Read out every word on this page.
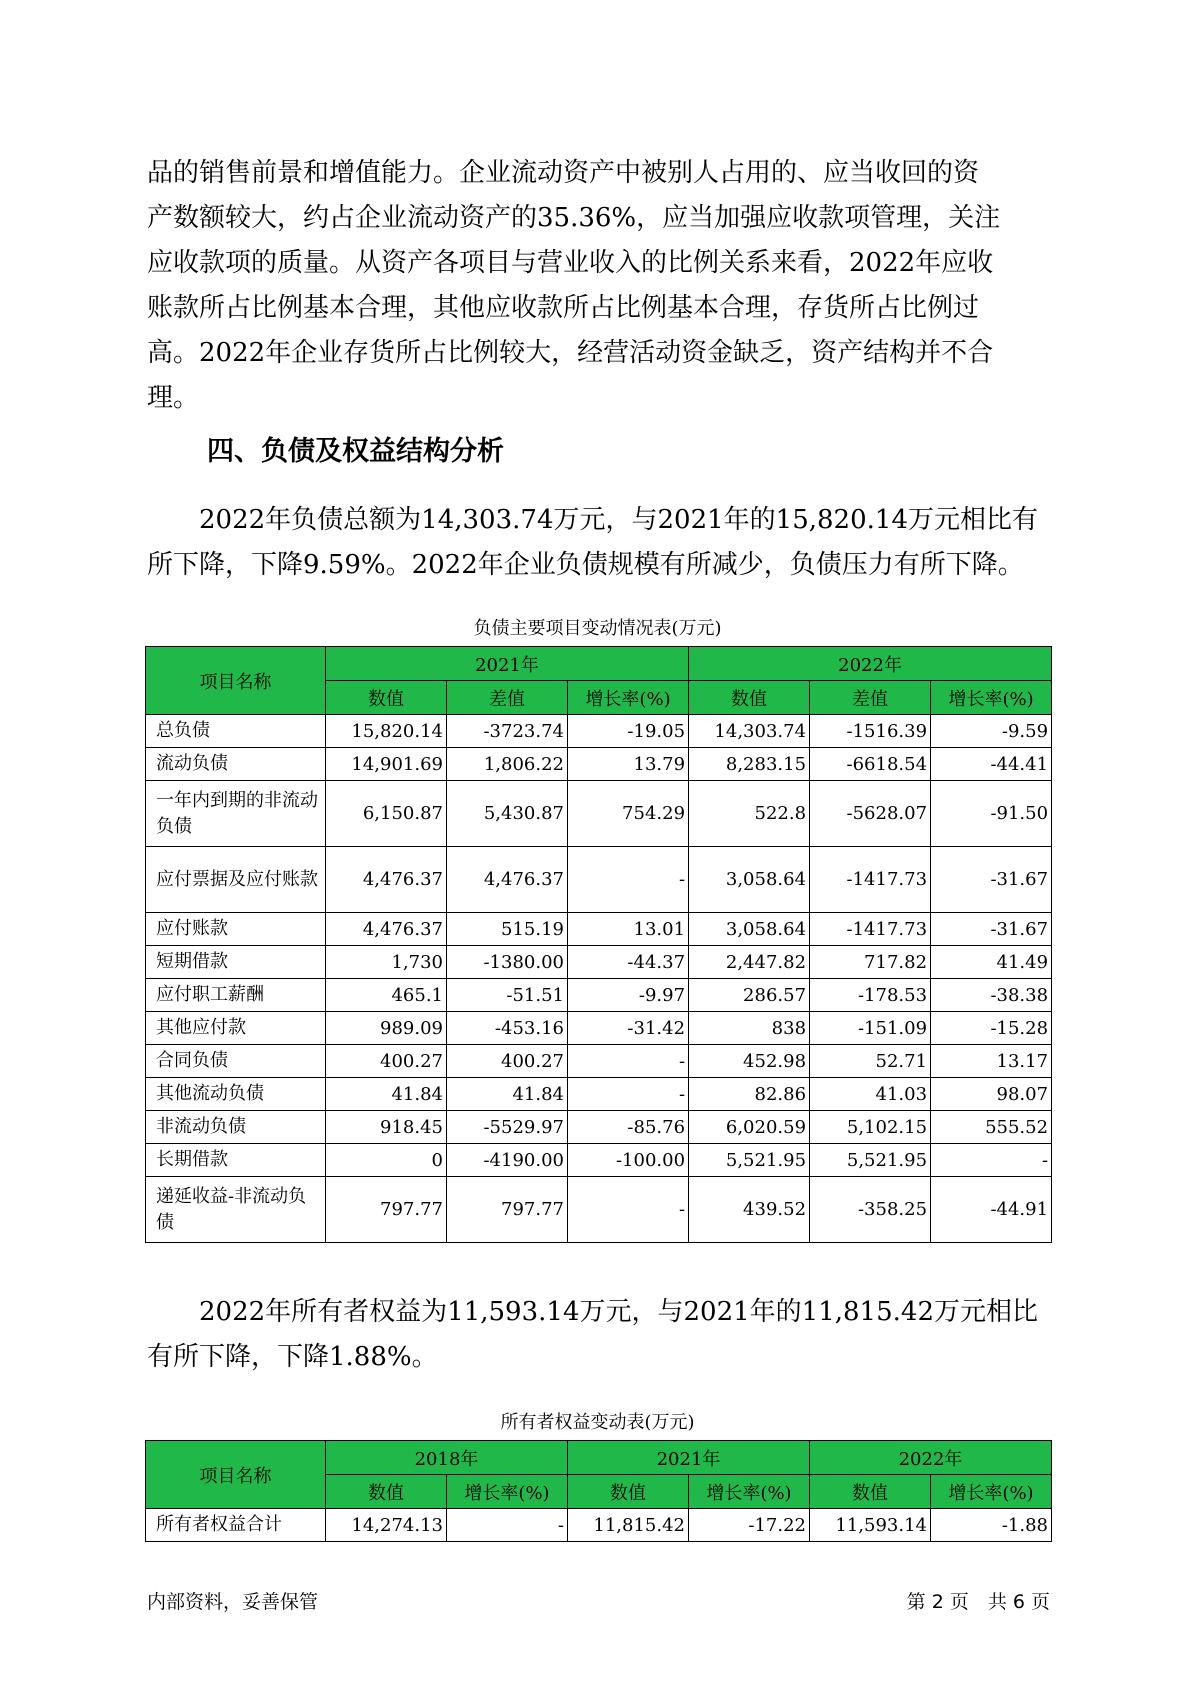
品的销售前景和增值能力。企业流动资产中被别人占用的、应当收回的资
产数额较大，约占企业流动资产的35.36%，应当加强应收款项管理，关注
应收款项的质量。从资产各项目与营业收入的比例关系来看，2022年应收
账款所占比例基本合理，其他应收款所占比例基本合理，存货所占比例过
高。2022年企业存货所占比例较大，经营活动资金缺乏，资产结构并不合
理。

四、负债及权益结构分析

　　2022年负债总额为14,303.74万元，与2021年的15,820.14万元相比有
所下降，下降9.59%。2022年企业负债规模有所减少，负债压力有所下降。

负债主要项目变动情况表(万元)
项目名称	2021年			2022年		
	数值	差值	增长率(%)	数值	差值	增长率(%)
总负债	15,820.14	-3723.74	-19.05	14,303.74	-1516.39	-9.59
流动负债	14,901.69	1,806.22	13.79	8,283.15	-6618.54	-44.41
一年内到期的非流动负债	6,150.87	5,430.87	754.29	522.8	-5628.07	-91.50
应付票据及应付账款	4,476.37	4,476.37	-	3,058.64	-1417.73	-31.67
应付账款	4,476.37	515.19	13.01	3,058.64	-1417.73	-31.67
短期借款	1,730	-1380.00	-44.37	2,447.82	717.82	41.49
应付职工薪酬	465.1	-51.51	-9.97	286.57	-178.53	-38.38
其他应付款	989.09	-453.16	-31.42	838	-151.09	-15.28
合同负债	400.27	400.27	-	452.98	52.71	13.17
其他流动负债	41.84	41.84	-	82.86	41.03	98.07
非流动负债	918.45	-5529.97	-85.76	6,020.59	5,102.15	555.52
长期借款	0	-4190.00	-100.00	5,521.95	5,521.95	-
递延收益-非流动负债	797.77	797.77	-	439.52	-358.25	-44.91

　　2022年所有者权益为11,593.14万元，与2021年的11,815.42万元相比
有所下降，下降1.88%。

所有者权益变动表(万元)
项目名称	2018年		2021年		2022年	
	数值	增长率(%)	数值	增长率(%)	数值	增长率(%)
所有者权益合计	14,274.13	-	11,815.42	-17.22	11,593.14	-1.88
内部资料，妥善保管	第 2 页　共 6 页
